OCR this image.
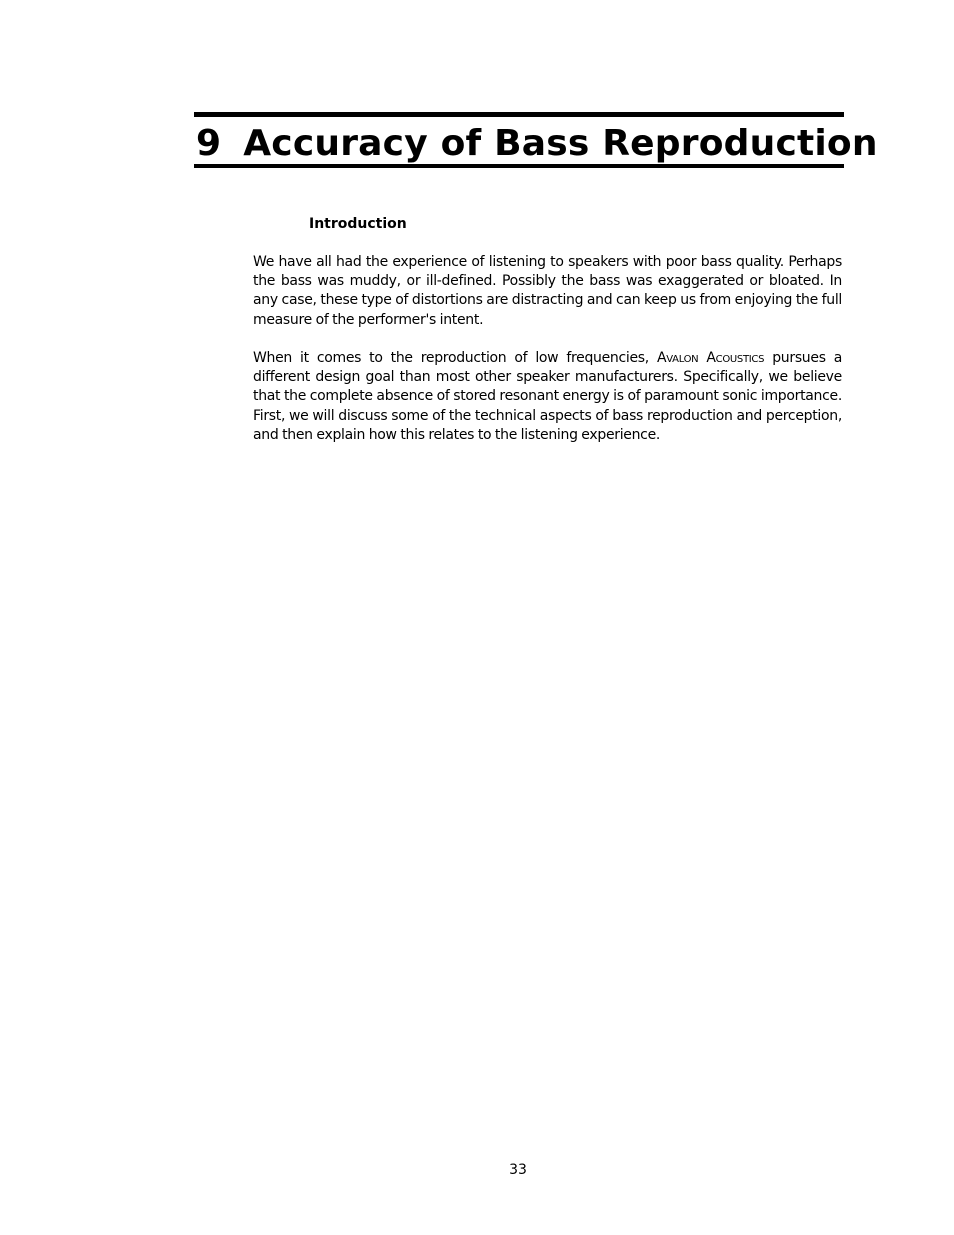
9 Accuracy of Bass Reproduction
Introduction

We have all had the experience of listening to speakers with poor bass quality. Perhaps the bass was muddy, or ill-defined. Possibly the bass was exaggerated or bloated. In any case, these type of distortions are distracting and can keep us from enjoying the full measure of the performer's intent.

When it comes to the reproduction of low frequencies, Avalon Acoustics pursues a different design goal than most other speaker manufacturers. Specifically, we believe that the complete absence of stored resonant energy is of paramount sonic importance. First, we will discuss some of the technical aspects of bass reproduction and perception, and then explain how this relates to the listening experience.

33
